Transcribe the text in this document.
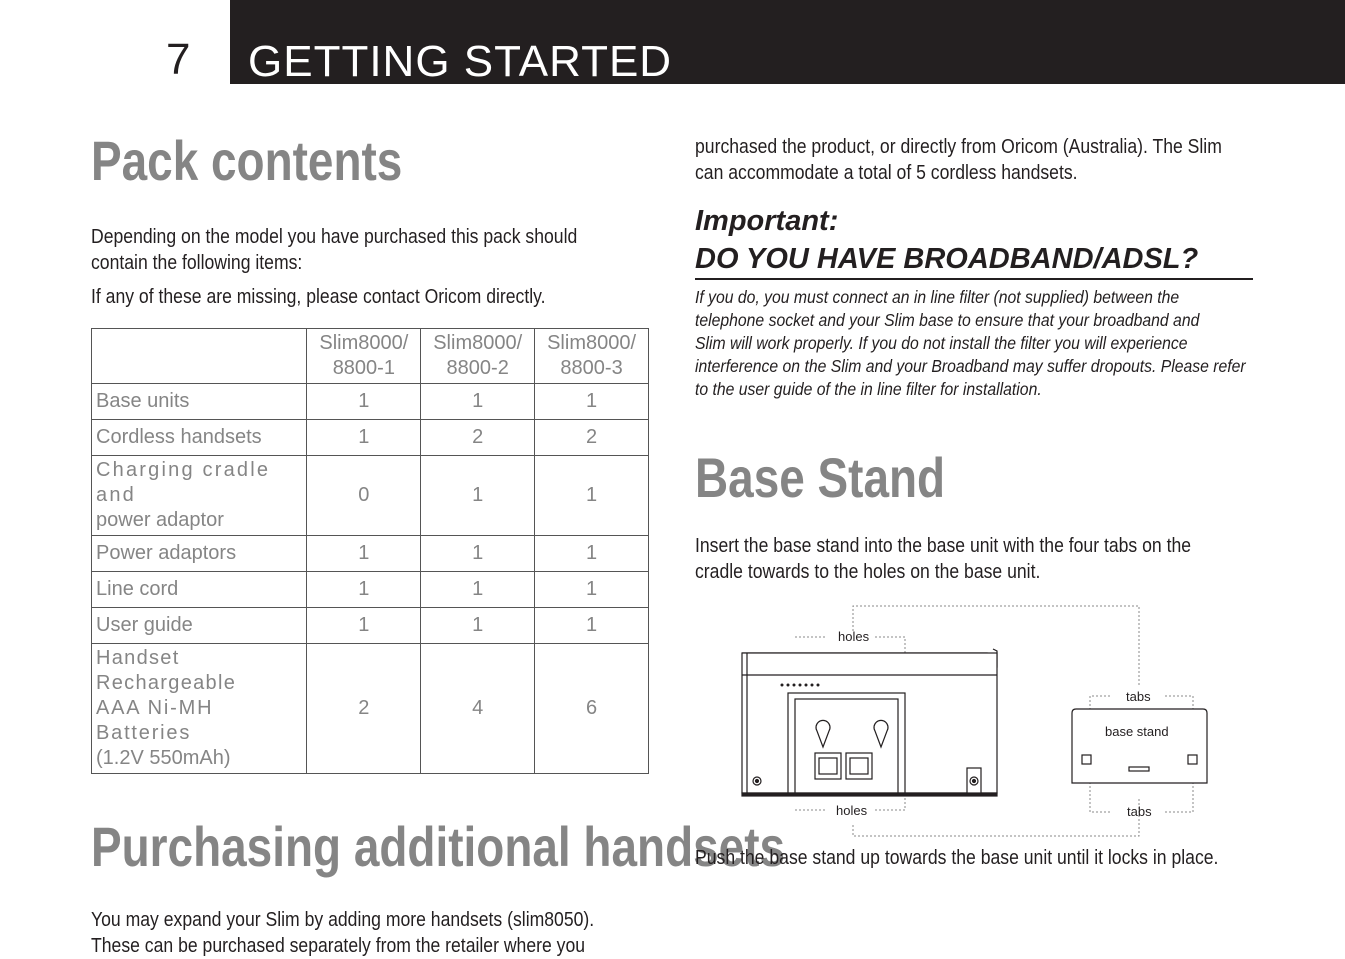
7 GETTING STARTED
Pack contents

Depending on the model you have purchased this pack should

contain the following items:

If any of these are missing, please contact Oricom directly.

	Slim8000/
8800-1	Slim8000/
8800-2	Slim8000/
8800-3
Base units	1	1	1
Cordless handsets	1	2	2
Charging cradle and
power adaptor	0	1	1
Power adaptors	1	1	1
Line cord	1	1	1
User guide	1	1	1
Handset Rechargeable
AAA Ni-MH Batteries
(1.2V 550mAh)	2	4	6
Purchasing additional handsets

You may expand your Slim by adding more handsets (slim8050).

These can be purchased separately from the retailer where you

purchased the product, or directly from Oricom (Australia). The Slim

can accommodate a total of 5 cordless handsets.

Important:
DO YOU HAVE BROADBAND/ADSL?
If you do, you must connect an in line filter (not supplied) between the
telephone socket and your Slim base to ensure that your broadband and
Slim will work properly. If you do not install the filter you will experience
interference on the Slim and your Broadband may suffer dropouts. Please refer
to the user guide of the in line filter for installation.
Base Stand

Insert the base stand into the base unit with the four tabs on the

cradle towards to the holes on the base unit.

holes
holes
tabs
tabs
base stand

Push the base stand up towards the base unit until it locks in place.
